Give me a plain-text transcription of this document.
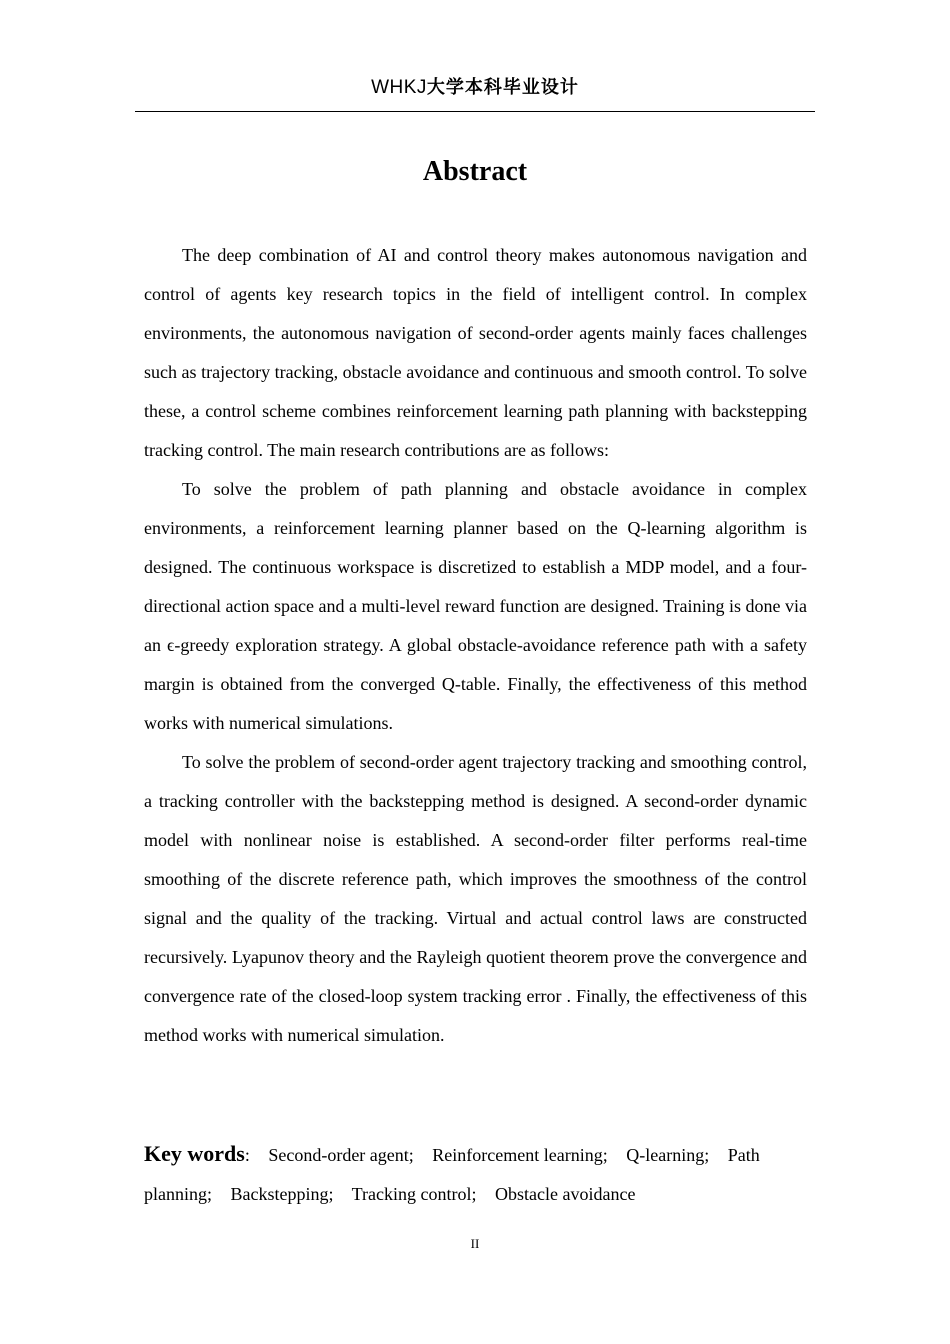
WHKJ大学本科毕业设计
Abstract

The deep combination of AI and control theory makes autonomous navigation and control of agents key research topics in the field of intelligent control. In complex environments, the autonomous navigation of second-order agents mainly faces challenges such as trajectory tracking, obstacle avoidance and continuous and smooth control. To solve these, a control scheme combines reinforcement learning path planning with backstepping tracking control. The main research contributions are as follows:

To solve the problem of path planning and obstacle avoidance in complex environments, a reinforcement learning planner based on the Q-learning algorithm is designed. The continuous workspace is discretized to establish a MDP model, and a four-directional action space and a multi-level reward function are designed. Training is done via an ϵ-greedy exploration strategy. A global obstacle-avoidance reference path with a safety margin is obtained from the converged Q-table. Finally, the effectiveness of this method works with numerical simulations.

To solve the problem of second-order agent trajectory tracking and smoothing control, a tracking controller with the backstepping method is designed. A second-order dynamic model with nonlinear noise is established. A second-order filter performs real-time smoothing of the discrete reference path, which improves the smoothness of the control signal and the quality of the tracking. Virtual and actual control laws are constructed recursively. Lyapunov theory and the Rayleigh quotient theorem prove the convergence and convergence rate of the closed-loop system tracking error . Finally, the effectiveness of this method works with numerical simulation.

Key words: Second-order agent; Reinforcement learning; Q-learning; Path planning; Backstepping; Tracking control; Obstacle avoidance
II
